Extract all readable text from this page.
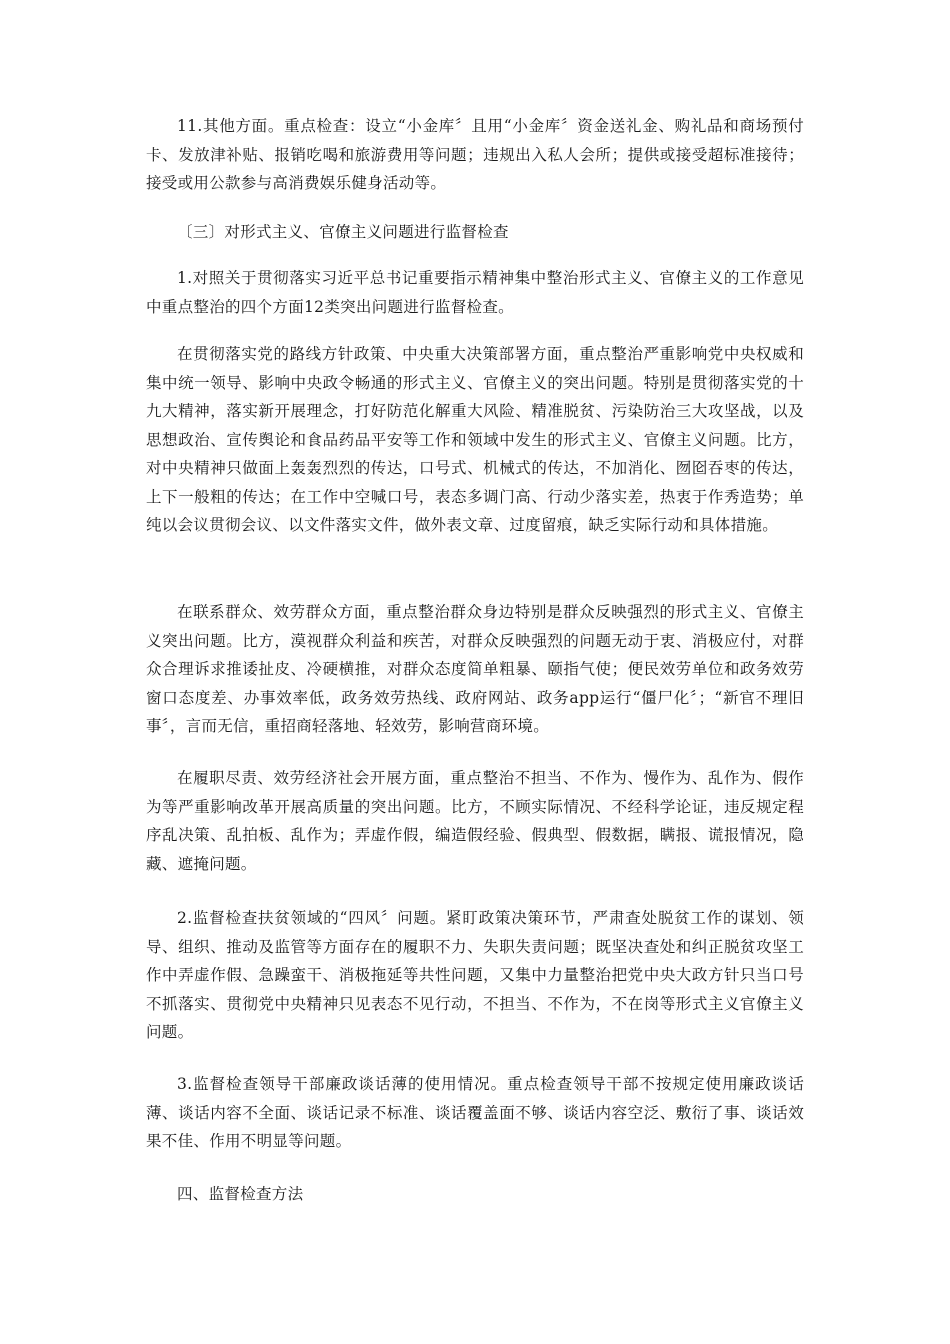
11.其他方面。重点检查：设立“小金库〞且用“小金库〞资金送礼金、购礼品和商场预付卡、发放津补贴、报销吃喝和旅游费用等问题；违规出入私人会所；提供或接受超标准接待；接受或用公款参与高消费娱乐健身活动等。

〔三〕对形式主义、官僚主义问题进行监督检查

1.对照关于贯彻落实习近平总书记重要指示精神集中整治形式主义、官僚主义的工作意见中重点整治的四个方面12类突出问题进行监督检查。

在贯彻落实党的路线方针政策、中央重大决策部署方面，重点整治严重影响党中央权威和集中统一领导、影响中央政令畅通的形式主义、官僚主义的突出问题。特别是贯彻落实党的十九大精神，落实新开展理念，打好防范化解重大风险、精准脱贫、污染防治三大攻坚战，以及思想政治、宣传舆论和食品药品平安等工作和领域中发生的形式主义、官僚主义问题。比方，对中央精神只做面上轰轰烈烈的传达，口号式、机械式的传达，不加消化、囫囵吞枣的传达，上下一般粗的传达；在工作中空喊口号，表态多调门高、行动少落实差，热衷于作秀造势；单纯以会议贯彻会议、以文件落实文件，做外表文章、过度留痕，缺乏实际行动和具体措施。

在联系群众、效劳群众方面，重点整治群众身边特别是群众反映强烈的形式主义、官僚主义突出问题。比方，漠视群众利益和疾苦，对群众反映强烈的问题无动于衷、消极应付，对群众合理诉求推诿扯皮、冷硬横推，对群众态度简单粗暴、颐指气使；便民效劳单位和政务效劳窗口态度差、办事效率低，政务效劳热线、政府网站、政务app运行“僵尸化〞；“新官不理旧事〞，言而无信，重招商轻落地、轻效劳，影响营商环境。

在履职尽责、效劳经济社会开展方面，重点整治不担当、不作为、慢作为、乱作为、假作为等严重影响改革开展高质量的突出问题。比方，不顾实际情况、不经科学论证，违反规定程序乱决策、乱拍板、乱作为；弄虚作假，编造假经验、假典型、假数据，瞒报、谎报情况，隐藏、遮掩问题。

2.监督检查扶贫领域的“四风〞问题。紧盯政策决策环节，严肃查处脱贫工作的谋划、领导、组织、推动及监管等方面存在的履职不力、失职失责问题；既坚决查处和纠正脱贫攻坚工作中弄虚作假、急躁蛮干、消极拖延等共性问题，又集中力量整治把党中央大政方针只当口号不抓落实、贯彻党中央精神只见表态不见行动，不担当、不作为，不在岗等形式主义官僚主义问题。

3.监督检查领导干部廉政谈话薄的使用情况。重点检查领导干部不按规定使用廉政谈话薄、谈话内容不全面、谈话记录不标准、谈话覆盖面不够、谈话内容空泛、敷衍了事、谈话效果不佳、作用不明显等问题。

四、监督检查方法
